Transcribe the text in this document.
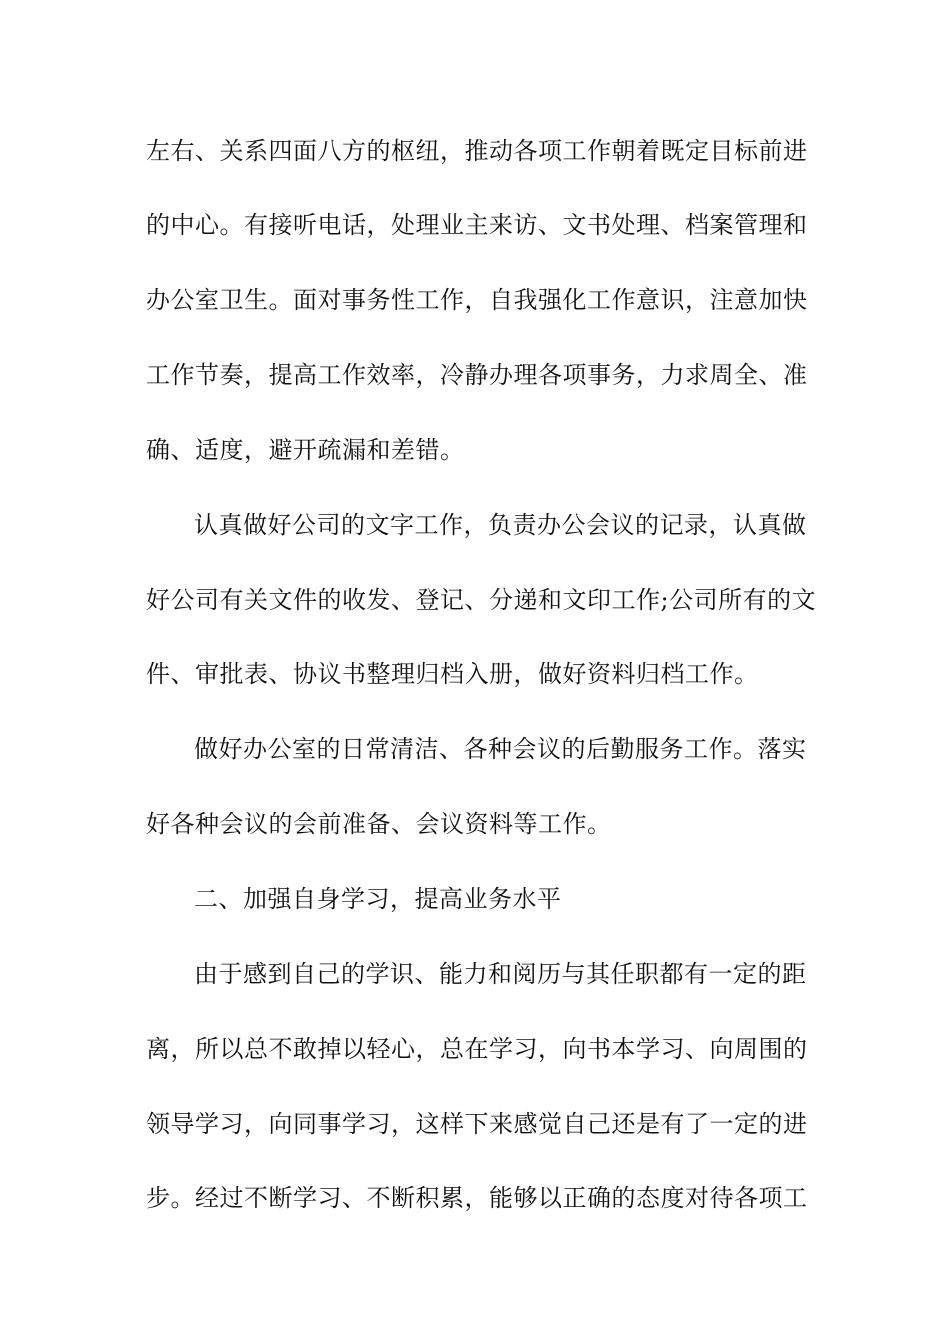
左右、关系四面八方的枢纽，推动各项工作朝着既定目标前进

的中心。有接听电话，处理业主来访、文书处理、档案管理和

办公室卫生。面对事务性工作，自我强化工作意识，注意加快

工作节奏，提高工作效率，冷静办理各项事务，力求周全、准

确、适度，避开疏漏和差错。

认真做好公司的文字工作，负责办公会议的记录，认真做

好公司有关文件的收发、登记、分递和文印工作;公司所有的文

件、审批表、协议书整理归档入册，做好资料归档工作。

做好办公室的日常清洁、各种会议的后勤服务工作。落实

好各种会议的会前准备、会议资料等工作。

二、加强自身学习，提高业务水平

由于感到自己的学识、能力和阅历与其任职都有一定的距

离，所以总不敢掉以轻心，总在学习，向书本学习、向周围的

领导学习，向同事学习，这样下来感觉自己还是有了一定的进

步。经过不断学习、不断积累，能够以正确的态度对待各项工
